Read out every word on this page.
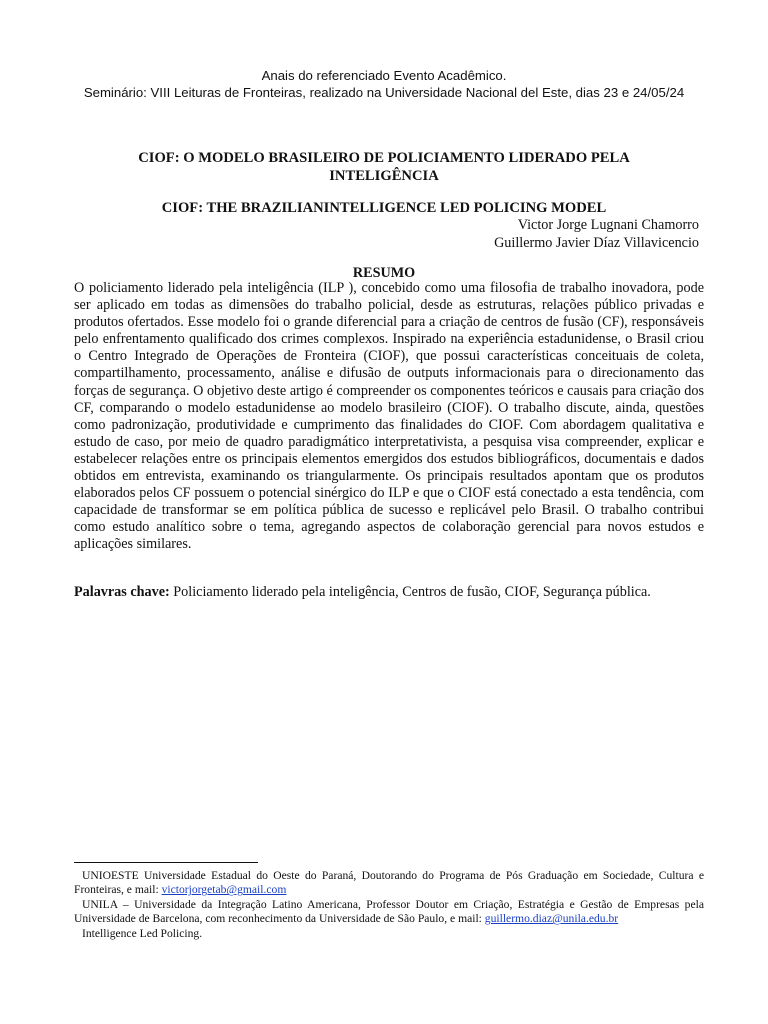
Anais do referenciado Evento Acadêmico.
Seminário: VIII Leituras de Fronteiras, realizado na Universidade Nacional del Este, dias 23 e 24/05/24
CIOF: O MODELO BRASILEIRO DE POLICIAMENTO LIDERADO PELA INTELIGÊNCIA
CIOF: THE BRAZILIANINTELLIGENCE LED POLICING MODEL
Victor Jorge Lugnani Chamorro
Guillermo Javier Díaz Villavicencio
RESUMO
O policiamento liderado pela inteligência (ILP ), concebido como uma filosofia de trabalho inovadora, pode ser aplicado em todas as dimensões do trabalho policial, desde as estruturas, relações público privadas e produtos ofertados. Esse modelo foi o grande diferencial para a criação de centros de fusão (CF), responsáveis pelo enfrentamento qualificado dos crimes complexos. Inspirado na experiência estadunidense, o Brasil criou o Centro Integrado de Operações de Fronteira (CIOF), que possui características conceituais de coleta, compartilhamento, processamento, análise e difusão de outputs informacionais para o direcionamento das forças de segurança. O objetivo deste artigo é compreender os componentes teóricos e causais para criação dos CF, comparando o modelo estadunidense ao modelo brasileiro (CIOF). O trabalho discute, ainda, questões como padronização, produtividade e cumprimento das finalidades do CIOF. Com abordagem qualitativa e estudo de caso, por meio de quadro paradigmático interpretativista, a pesquisa visa compreender, explicar e estabelecer relações entre os principais elementos emergidos dos estudos bibliográficos, documentais e dados obtidos em entrevista, examinando os triangularmente. Os principais resultados apontam que os produtos elaborados pelos CF possuem o potencial sinérgico do ILP e que o CIOF está conectado a esta tendência, com capacidade de transformar se em política pública de sucesso e replicável pelo Brasil. O trabalho contribui como estudo analítico sobre o tema, agregando aspectos de colaboração gerencial para novos estudos e aplicações similares.
Palavras chave: Policiamento liderado pela inteligência, Centros de fusão, CIOF, Segurança pública.

UNIOESTE Universidade Estadual do Oeste do Paraná, Doutorando do Programa de Pós Graduação em Sociedade, Cultura e Fronteiras, e mail: victorjorgetab@gmail.com

UNILA – Universidade da Integração Latino Americana, Professor Doutor em Criação, Estratégia e Gestão de Empresas pela Universidade de Barcelona, com reconhecimento da Universidade de São Paulo, e mail: guillermo.diaz@unila.edu.br

Intelligence Led Policing.
